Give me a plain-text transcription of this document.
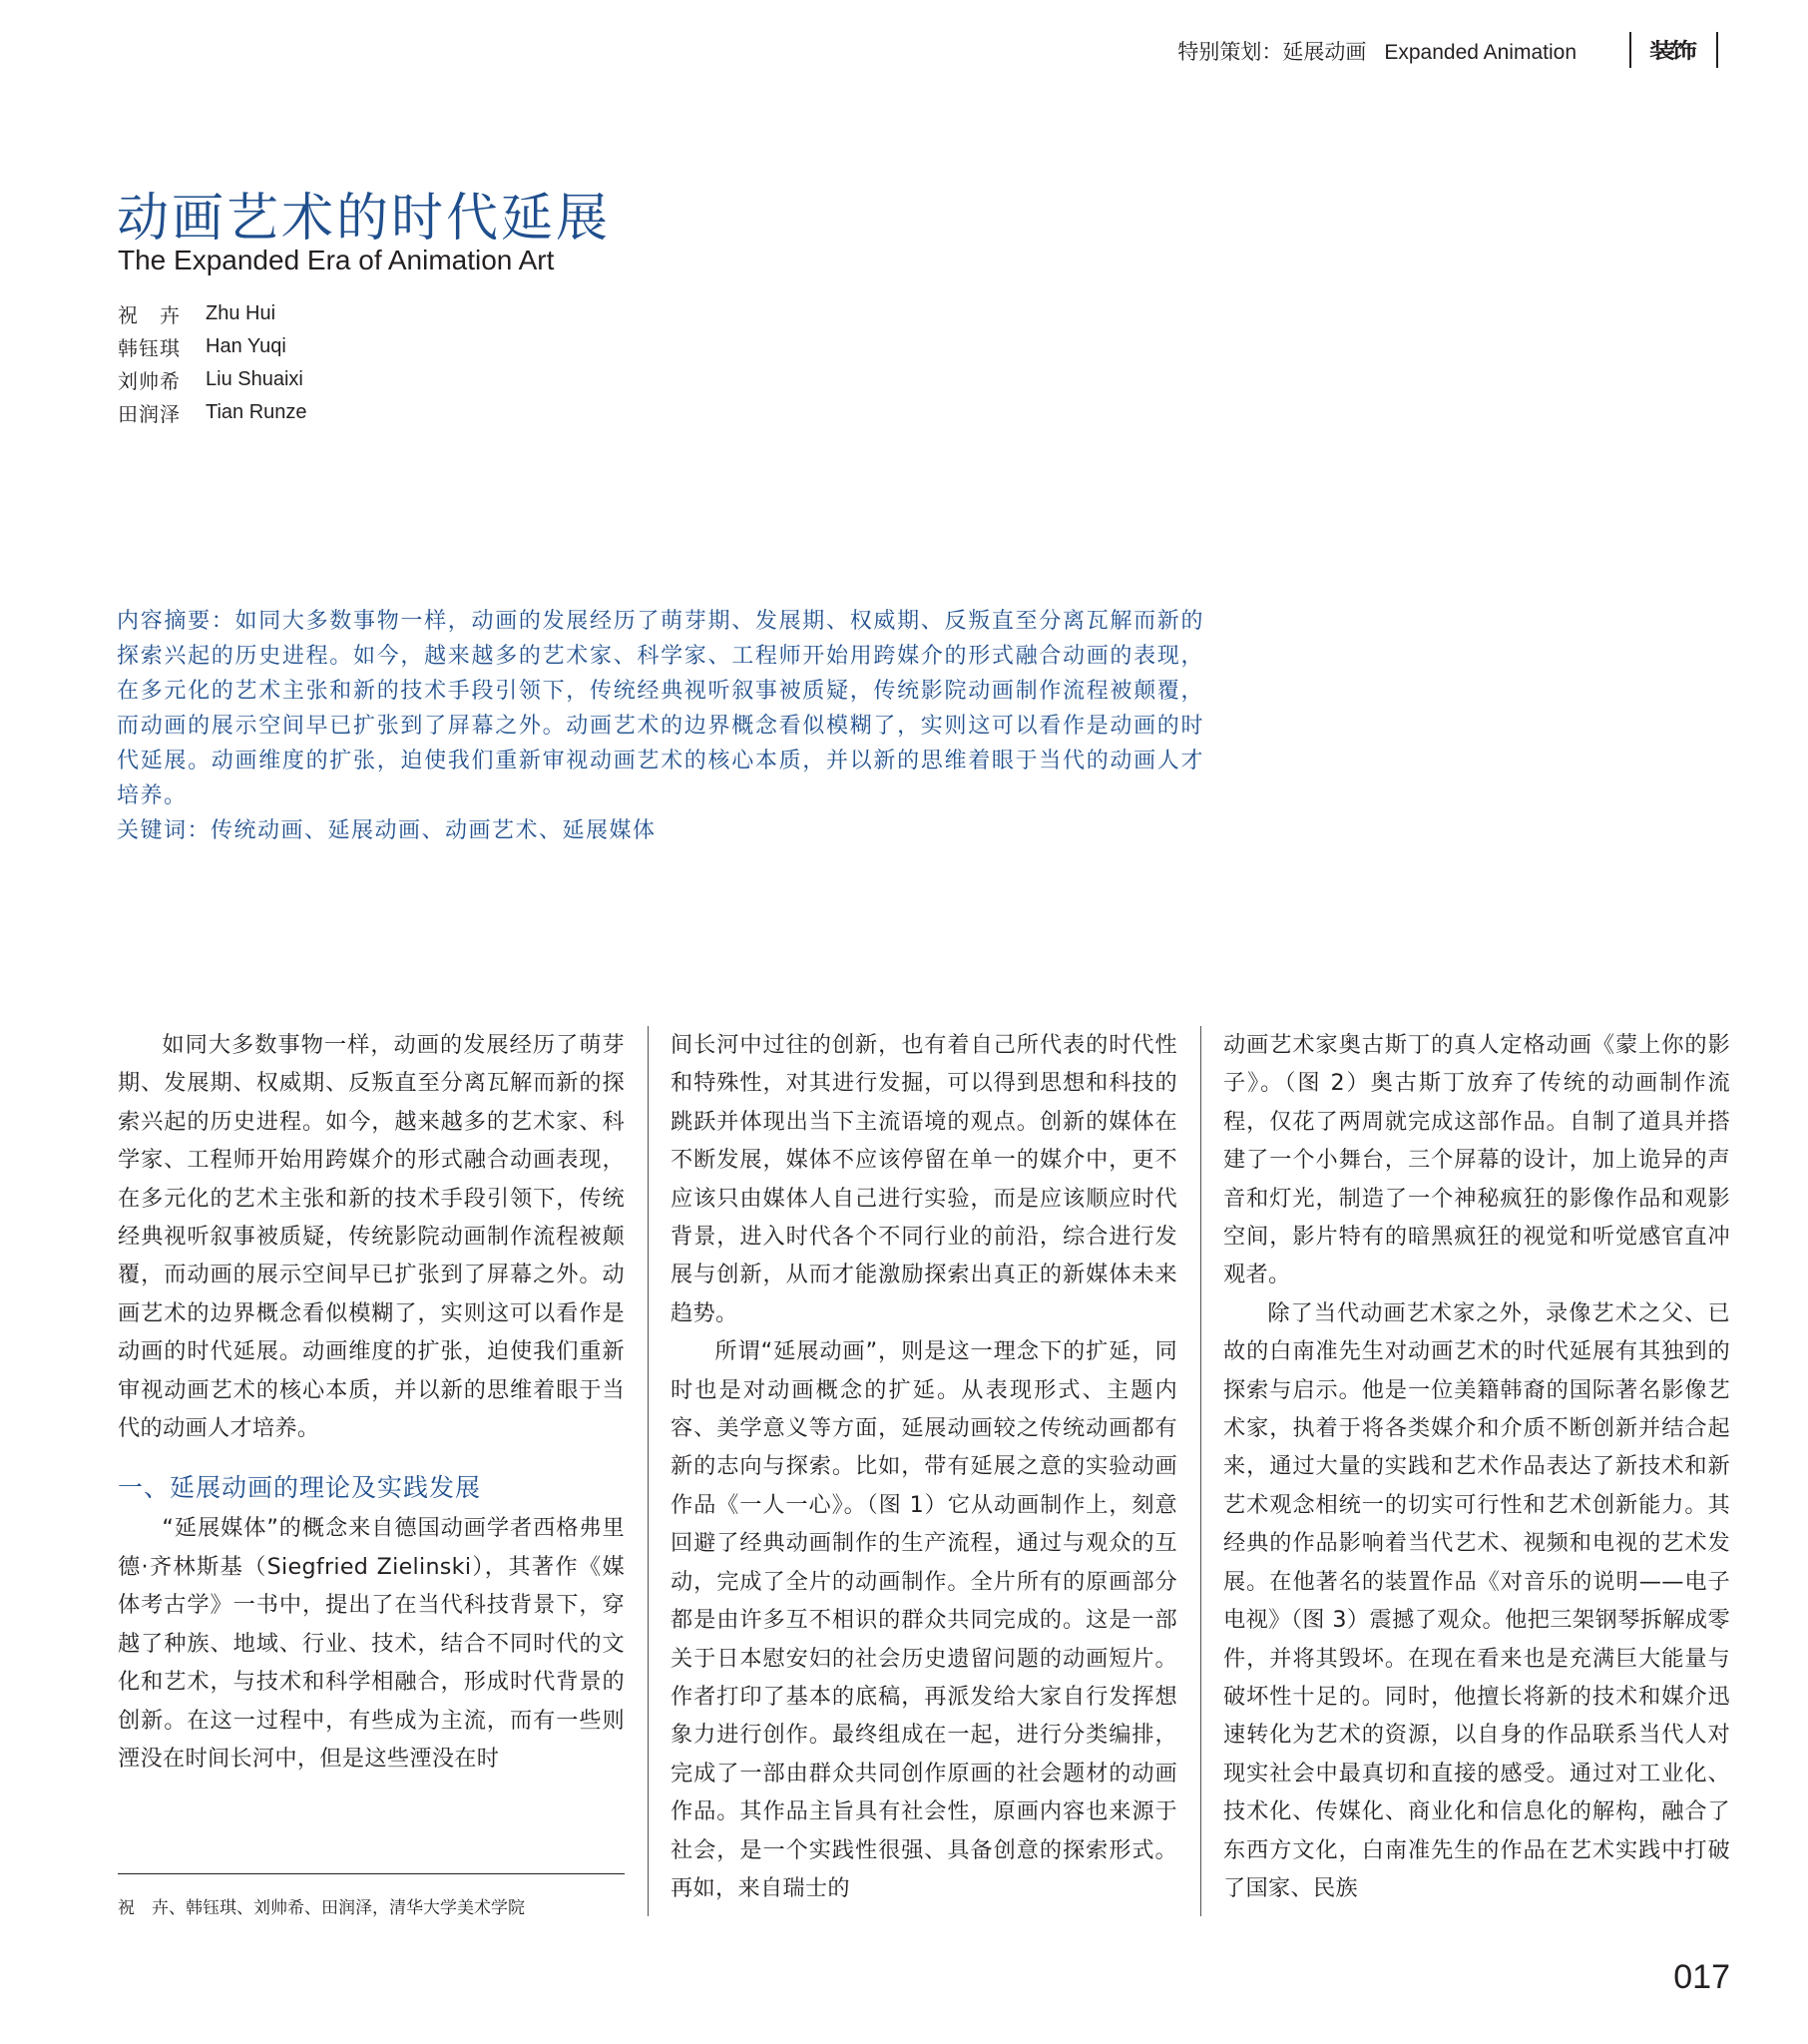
特别策划：延展动画 Expanded Animation	装饰
动画艺术的时代延展
The Expanded Era of Animation Art
祝　卉	Zhu Hui
韩钰琪	Han Yuqi
刘帅希	Liu Shuaixi
田润泽	Tian Runze

内容摘要：如同大多数事物一样，动画的发展经历了萌芽期、发展期、权威期、反叛直至分离瓦解而新的探索兴起的历史进程。如今，越来越多的艺术家、科学家、工程师开始用跨媒介的形式融合动画的表现，在多元化的艺术主张和新的技术手段引领下，传统经典视听叙事被质疑，传统影院动画制作流程被颠覆，而动画的展示空间早已扩张到了屏幕之外。动画艺术的边界概念看似模糊了，实则这可以看作是动画的时代延展。动画维度的扩张，迫使我们重新审视动画艺术的核心本质，并以新的思维着眼于当代的动画人才培养。

关键词：传统动画、延展动画、动画艺术、延展媒体

如同大多数事物一样，动画的发展经历了萌芽期、发展期、权威期、反叛直至分离瓦解而新的探索兴起的历史进程。如今，越来越多的艺术家、科学家、工程师开始用跨媒介的形式融合动画表现，在多元化的艺术主张和新的技术手段引领下，传统经典视听叙事被质疑，传统影院动画制作流程被颠覆，而动画的展示空间早已扩张到了屏幕之外。动画艺术的边界概念看似模糊了，实则这可以看作是动画的时代延展。动画维度的扩张，迫使我们重新审视动画艺术的核心本质，并以新的思维着眼于当代的动画人才培养。

一、延展动画的理论及实践发展

“延展媒体”的概念来自德国动画学者西格弗里德·齐林斯基（Siegfried Zielinski），其著作《媒体考古学》一书中，提出了在当代科技背景下，穿越了种族、地域、行业、技术，结合不同时代的文化和艺术，与技术和科学相融合，形成时代背景的创新。在这一过程中，有些成为主流，而有一些则湮没在时间长河中，但是这些湮没在时

间长河中过往的创新，也有着自己所代表的时代性和特殊性，对其进行发掘，可以得到思想和科技的跳跃并体现出当下主流语境的观点。创新的媒体在不断发展，媒体不应该停留在单一的媒介中，更不应该只由媒体人自己进行实验，而是应该顺应时代背景，进入时代各个不同行业的前沿，综合进行发展与创新，从而才能激励探索出真正的新媒体未来趋势。

所谓“延展动画”，则是这一理念下的扩延，同时也是对动画概念的扩延。从表现形式、主题内容、美学意义等方面，延展动画较之传统动画都有新的志向与探索。比如，带有延展之意的实验动画作品《一人一心》。（图 1）它从动画制作上，刻意回避了经典动画制作的生产流程，通过与观众的互动，完成了全片的动画制作。全片所有的原画部分都是由许多互不相识的群众共同完成的。这是一部关于日本慰安妇的社会历史遗留问题的动画短片。作者打印了基本的底稿，再派发给大家自行发挥想象力进行创作。最终组成在一起，进行分类编排，完成了一部由群众共同创作原画的社会题材的动画作品。其作品主旨具有社会性，原画内容也来源于社会，是一个实践性很强、具备创意的探索形式。再如，来自瑞士的

动画艺术家奥古斯丁的真人定格动画《蒙上你的影子》。（图 2）奥古斯丁放弃了传统的动画制作流程，仅花了两周就完成这部作品。自制了道具并搭建了一个小舞台，三个屏幕的设计，加上诡异的声音和灯光，制造了一个神秘疯狂的影像作品和观影空间，影片特有的暗黑疯狂的视觉和听觉感官直冲观者。

除了当代动画艺术家之外，录像艺术之父、已故的白南准先生对动画艺术的时代延展有其独到的探索与启示。他是一位美籍韩裔的国际著名影像艺术家，执着于将各类媒介和介质不断创新并结合起来，通过大量的实践和艺术作品表达了新技术和新艺术观念相统一的切实可行性和艺术创新能力。其经典的作品影响着当代艺术、视频和电视的艺术发展。在他著名的装置作品《对音乐的说明——电子电视》（图 3）震撼了观众。他把三架钢琴拆解成零件，并将其毁坏。在现在看来也是充满巨大能量与破坏性十足的。同时，他擅长将新的技术和媒介迅速转化为艺术的资源，以自身的作品联系当代人对现实社会中最真切和直接的感受。通过对工业化、技术化、传媒化、商业化和信息化的解构，融合了东西方文化，白南准先生的作品在艺术实践中打破了国家、民族

祝　卉、韩钰琪、刘帅希、田润泽，清华大学美术学院
017
